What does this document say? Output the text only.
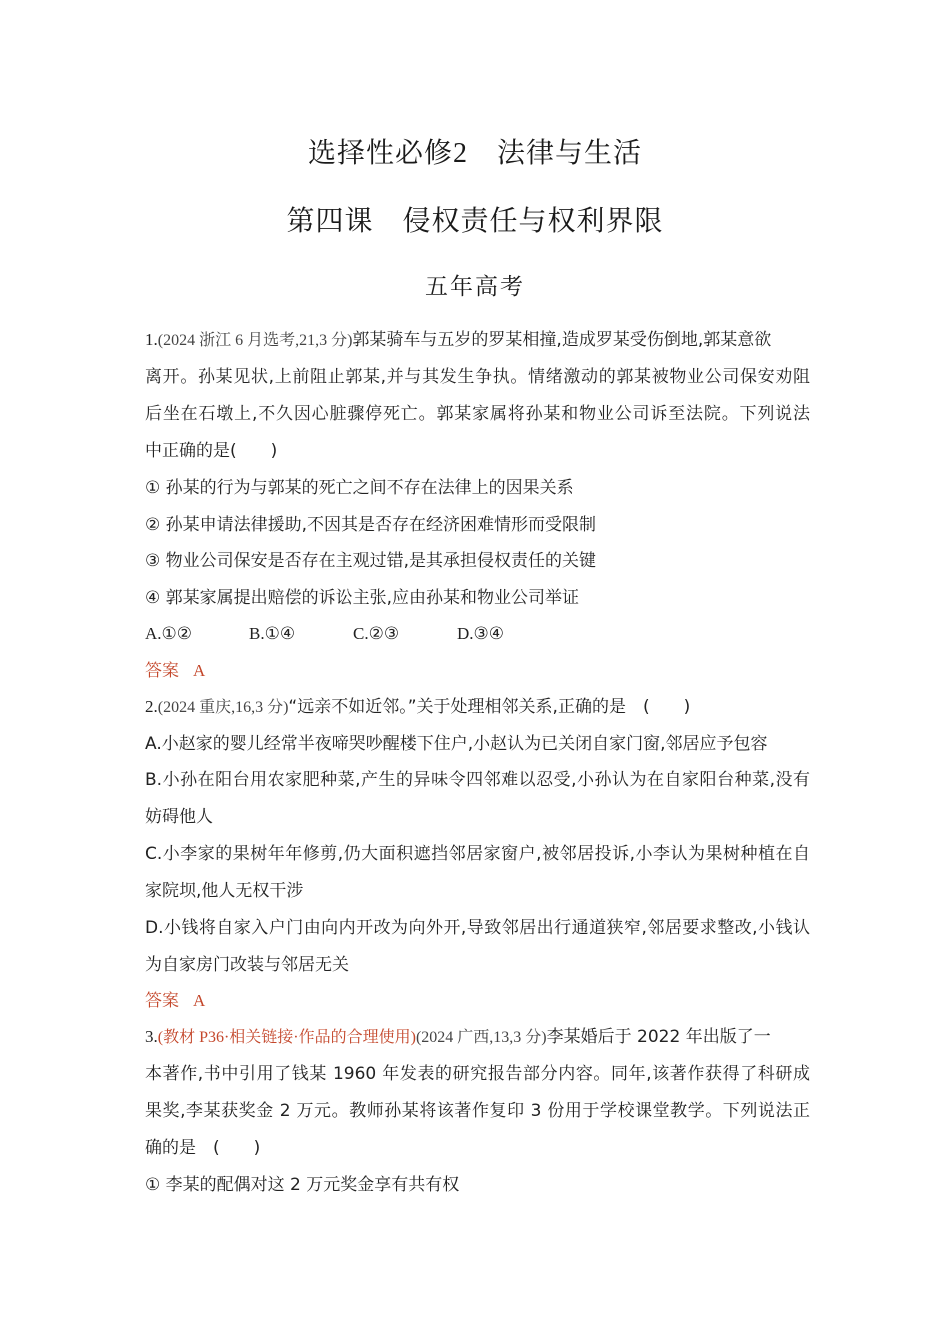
选择性必修2　 法律与生活
第四课　侵权责任与权利界限
五年高考
1.(2024 浙江 6 月选考,21,3 分)郭某骑车与五岁的罗某相撞,造成罗某受伤倒地,郭某意欲
离开。孙某见状,上前阻止郭某,并与其发生争执。情绪激动的郭某被物业公司保安劝阻
后坐在石墩上,不久因心脏骤停死亡。郭某家属将孙某和物业公司诉至法院。下列说法
中正确的是(　　)
① 孙某的行为与郭某的死亡之间不存在法律上的因果关系
② 孙某申请法律援助,不因其是否存在经济困难情形而受限制
③ 物业公司保安是否存在主观过错,是其承担侵权责任的关键
④ 郭某家属提出赔偿的诉讼主张,应由孙某和物业公司举证
A.①②	B.①④	C.②③	D.③④
答案 A
2.(2024 重庆,16,3 分)“远亲不如近邻。”关于处理相邻关系,正确的是　(　　)
A.小赵家的婴儿经常半夜啼哭吵醒楼下住户,小赵认为已关闭自家门窗,邻居应予包容
B.小孙在阳台用农家肥种菜,产生的异味令四邻难以忍受,小孙认为在自家阳台种菜,没有
妨碍他人
C.小李家的果树年年修剪,仍大面积遮挡邻居家窗户,被邻居投诉,小李认为果树种植在自
家院坝,他人无权干涉
D.小钱将自家入户门由向内开改为向外开,导致邻居出行通道狭窄,邻居要求整改,小钱认
为自家房门改装与邻居无关
答案 A
3.(教材 P36·相关链接·作品的合理使用)(2024 广西,13,3 分)李某婚后于 2022 年出版了一
本著作,书中引用了钱某 1960 年发表的研究报告部分内容。同年,该著作获得了科研成
果奖,李某获奖金 2 万元。教师孙某将该著作复印 3 份用于学校课堂教学。下列说法正
确的是　(　　)
① 李某的配偶对这 2 万元奖金享有共有权
